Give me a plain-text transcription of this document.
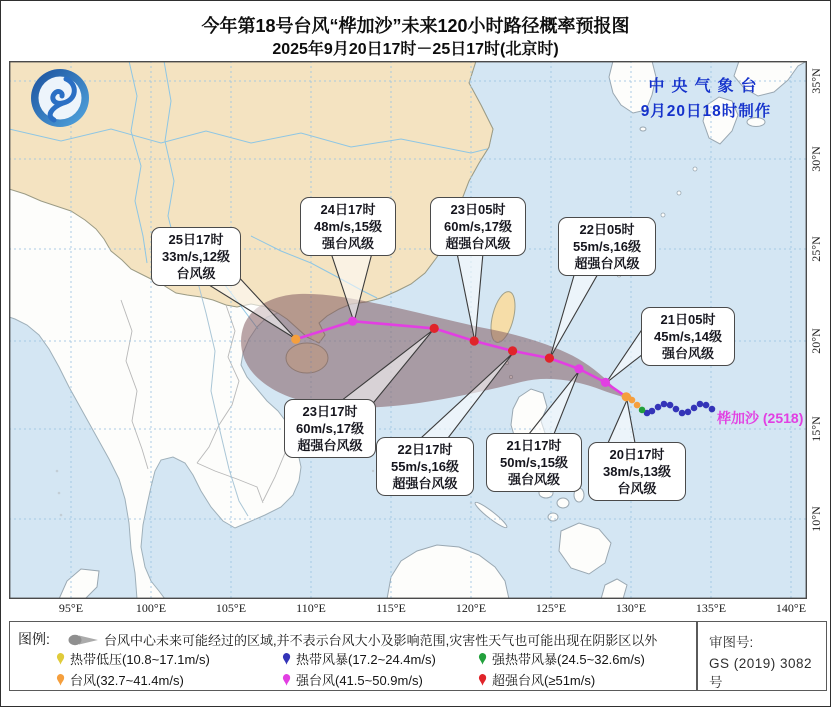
今年第18号台风“桦加沙”未来120小时路径概率预报图
2025年9月20日17时－25日17时(北京时)
中央气象台
9月20日18时制作
25日17时
33m/s,12级
台风级
24日17时
48m/s,15级
强台风级
23日05时
60m/s,17级
超强台风级
22日05时
55m/s,16级
超强台风级
21日05时
45m/s,14级
强台风级
23日17时
60m/s,17级
超强台风级	22日17时
55m/s,16级
超强台风级
21日17时
50m/s,15级
强台风级
20日17时
38m/s,13级
台风级
桦加沙 (2518)
95°E	100°E	105°E	110°E	115°E	120°E	125°E	130°E	135°E	140°E
35°N
30°N
25°N
20°N
15°N
10°N
图例:	台风中心未来可能经过的区域,并不表示台风大小及影响范围,灾害性天气也可能出现在阴影区以外
热带低压(10.8~17.1m/s)	热带风暴(17.2~24.4m/s)	强热带风暴(24.5~32.6m/s)
台风(32.7~41.4m/s)	强台风(41.5~50.9m/s)	超强台风(≥51m/s)
审图号:
GS (2019) 3082号
